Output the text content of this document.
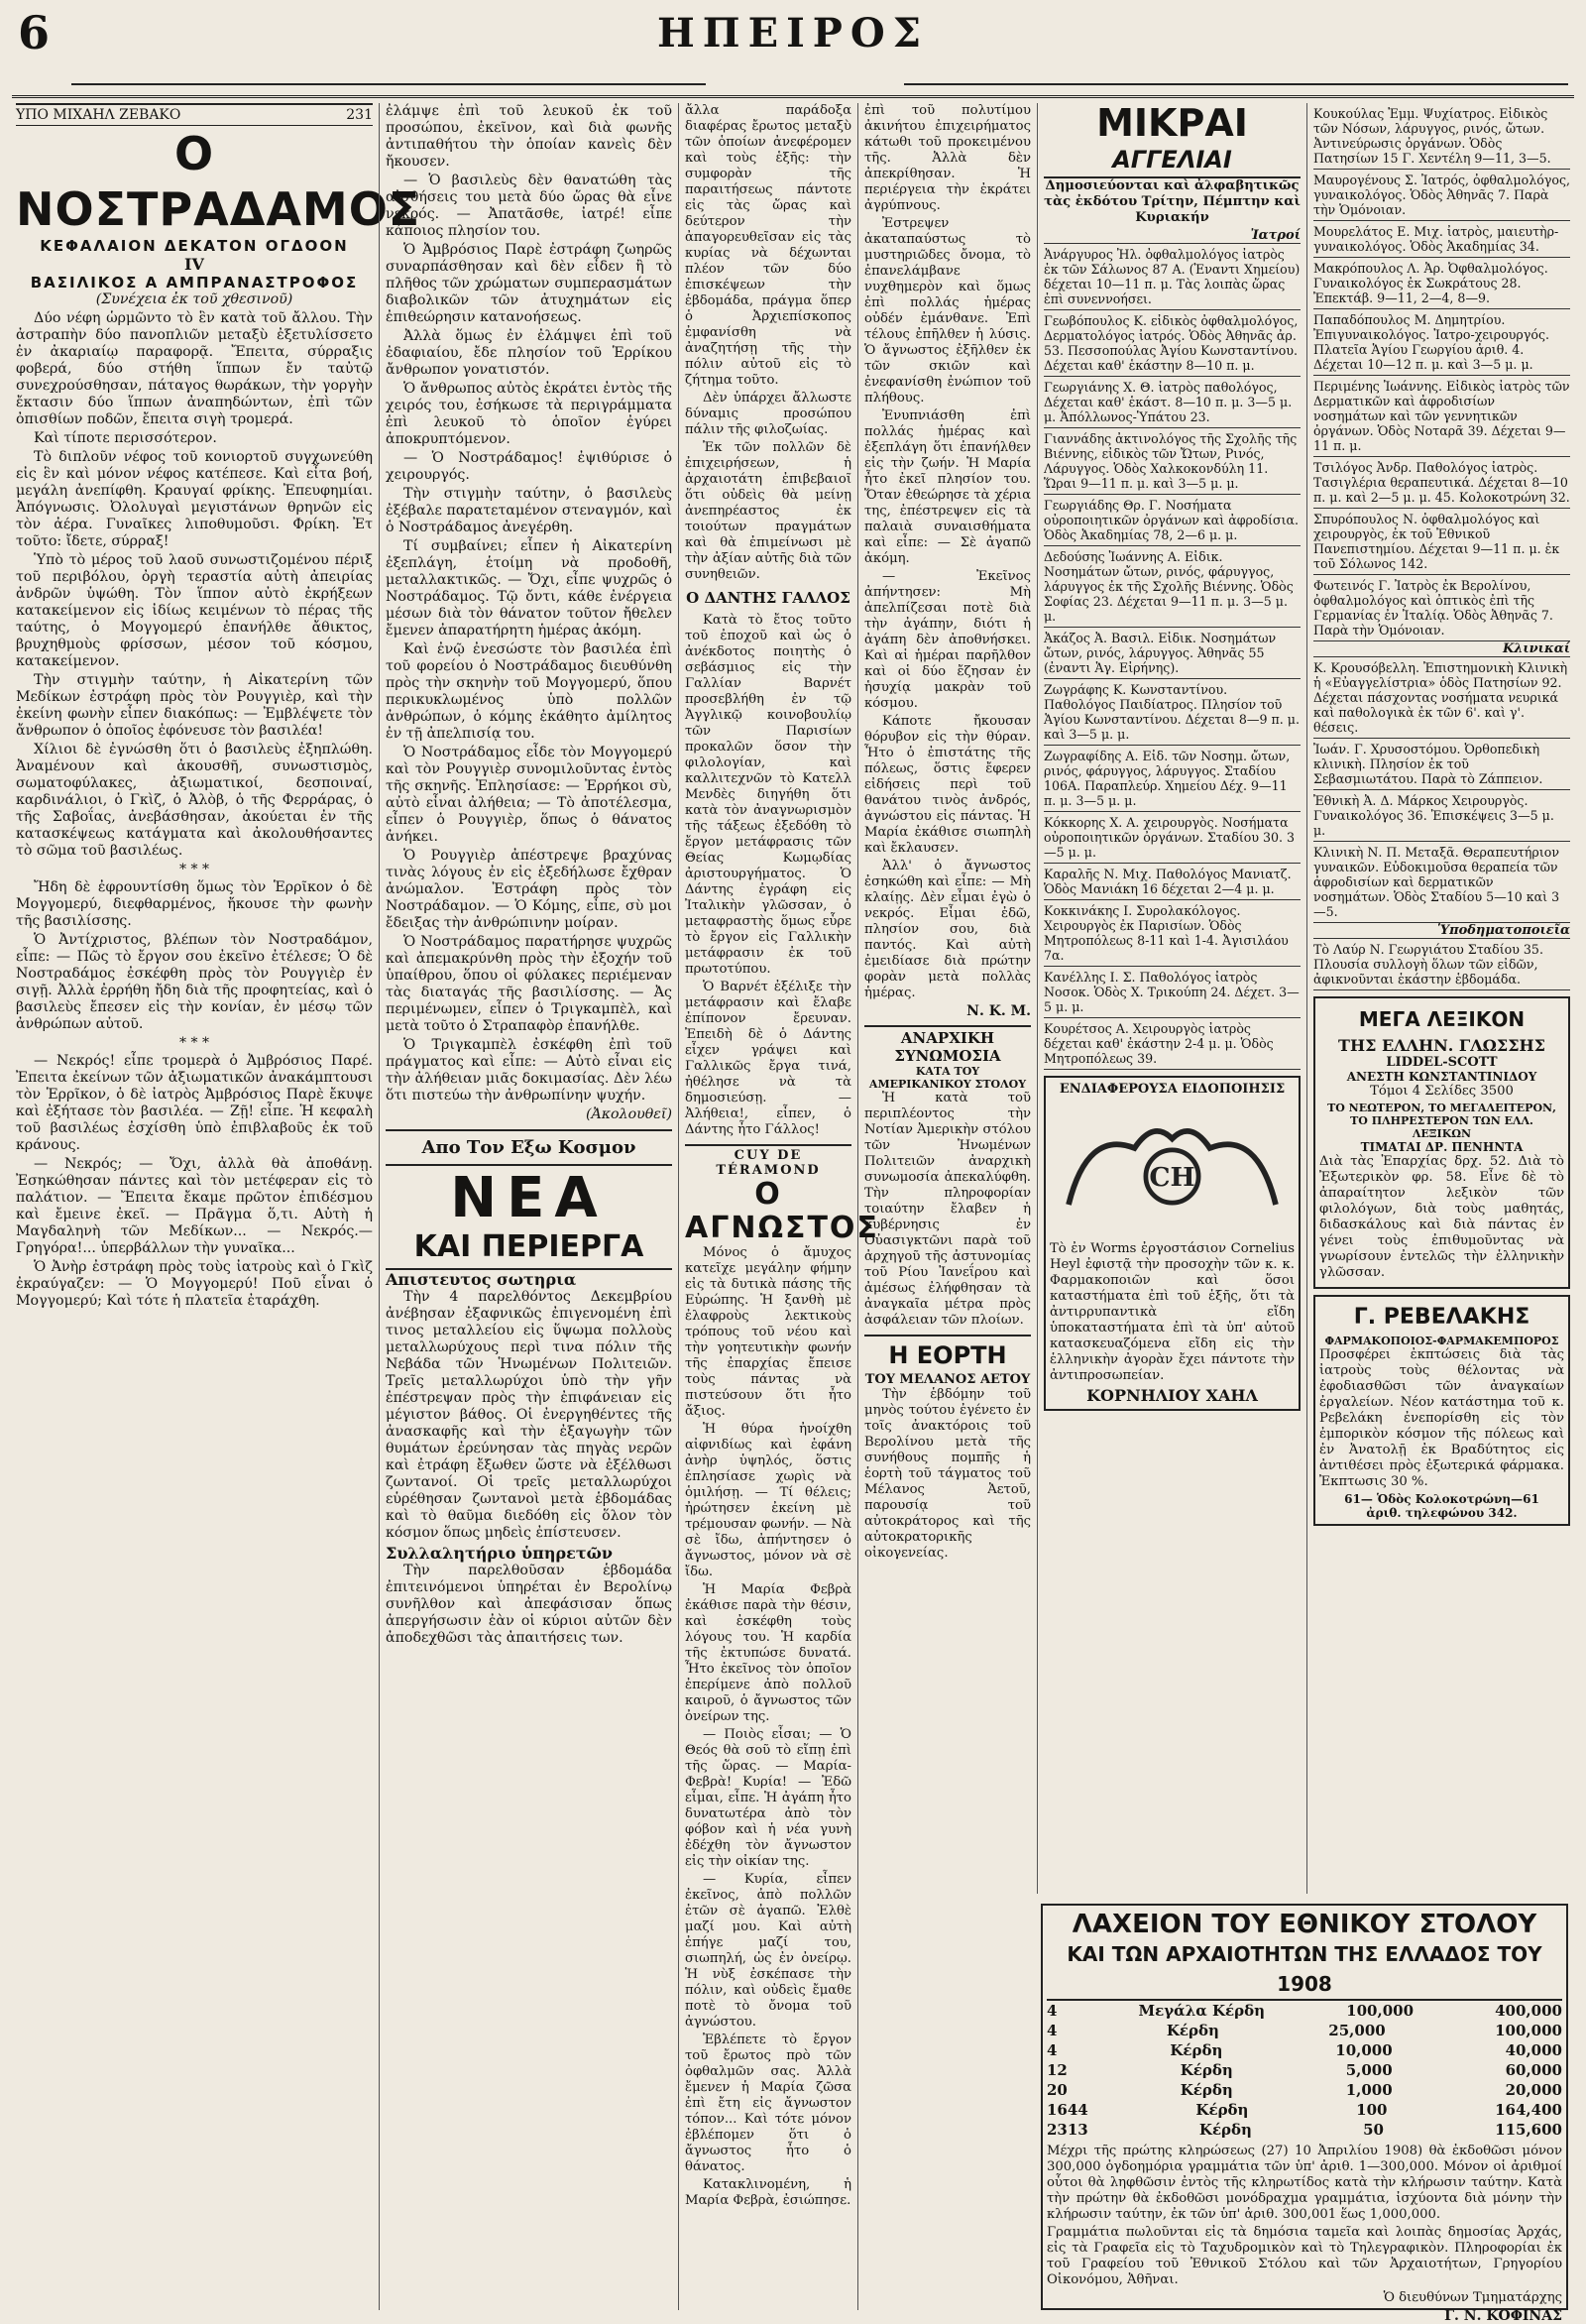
6	ΗΠΕΙΡΟΣ
ΥΠΟ ΜΙΧΑΗΛ ΖΕΒΑΚΟ	231
Ο ΝΟΣΤΡΑΔΑΜΟΣ
ΚΕΦΑΛΑΙΟΝ ΔΕΚΑΤΟΝ ΟΓΔΟΟΝ
IV
ΒΑΣΙΛΙΚΟΣ Α ΑΜΠΡΑΝΑΣΤΡΟΦΟΣ
(Συνέχεια ἐκ τοῦ χθεσινοῦ)

Δύο νέφη ὡρμῶντο τὸ ἓν κατὰ τοῦ ἄλλου. Τὴν ἀστραπὴν δύο πανοπλιῶν μεταξὺ ἐξετυλίσσετο ἐν ἀκαριαίῳ παραφορᾷ. Ἔπειτα, σύρραξις φοβερά, δύο στήθη ἵππων ἔν ταὐτῷ συνεχρούσθησαν, πάταγος θωράκων, τὴν γοργὴν ἔκτασιν δύο ἵππων ἀναπηδώντων, ἐπὶ τῶν ὀπισθίων ποδῶν, ἔπειτα σιγὴ τρομερά.

Καὶ τίποτε περισσότερον.

Τὸ διπλοῦν νέφος τοῦ κονιορτοῦ συγχωνεύθη εἰς ἓν καὶ μόνον νέφος κατέπεσε. Καὶ εἶτα βοή, μεγάλη ἀνεπίφθη. Κραυγαί φρίκης. Ἐπευφημίαι. Ἀπόγνωσις. Ὀλολυγαὶ μεγιστάνων θρηνῶν εἰς τὸν ἀέρα. Γυναῖκες λιποθυμοῦσι. Φρίκη. Ἐτ τοῦτο: ἴδετε, σύρραξ!

Ὑπὸ τὸ μέρος τοῦ λαοῦ συνωστιζομένου πέριξ τοῦ περιβόλου, ὀργὴ τεραστία αὐτὴ ἀπειρίας ἀνδρῶν ὑψώθη. Τὸν ἵππον αὐτὸ ἐκρήξεων κατακείμενον εἰς ἰδίως κειμένων τὸ πέρας τῆς ταύτης, ὁ Μογγομερύ ἐπανήλθε ἄθικτος, βρυχηθμοὺς φρίσσων, μέσον τοῦ κόσμου, κατακείμενον.

Τὴν στιγμὴν ταύτην, ἡ Αἰκατερίνη τῶν Μεδίκων ἐστράφη πρὸς τὸν Ρουγγιὲρ, καὶ τὴν ἐκείνη φωνὴν εἶπεν διακόπως: — Ἐμβλέψετε τὸν ἄνθρωπον ὁ ὁποῖος ἐφόνευσε τὸν βασιλέα!

Χίλιοι δὲ ἐγνώσθη ὅτι ὁ βασιλεὺς ἐξηπλώθη. Ἀναμένουν καὶ ἀκουσθῆ, συνωστισμὸς, σωματοφύλακες, ἀξιωματικοί, δεσποιναί, καρδινάλιοι, ὁ Γκὶζ, ὁ Ἀλὸβ, ὁ τῆς Φερράρας, ὁ τῆς Σαβοΐας, ἀνεβάσθησαν, ἀκούεται ἐν τῆς κατασκέψεως κατάγματα καὶ ἀκολουθήσαντες τὸ σῶμα τοῦ βασιλέως.

* * *

Ἤδη δὲ ἐφρουντίσθη ὅμως τὸν Ἑρρῖκον ὁ δὲ Μογγομερύ, διεφθαρμένος, ἤκουσε τὴν φωνὴν τῆς βασιλίσσης.

Ὁ Ἀντίχριστος, βλέπων τὸν Νοστραδάμον, εἶπε: — Πῶς τὸ ἔργον σου ἐκεῖνο ἐτέλεσε; Ὁ δὲ Νοστραδάμος ἐσκέφθη πρὸς τὸν Ρουγγιὲρ ἐν σιγῇ. Ἀλλὰ ἐρρήθη ἤδη διὰ τῆς προφητείας, καὶ ὁ βασιλεὺς ἔπεσεν εἰς τὴν κονίαν, ἐν μέσῳ τῶν ἀνθρώπων αὐτοῦ.

* * *

— Νεκρός! εἶπε τρομερὰ ὁ Ἀμβρόσιος Παρέ. Ἐπειτα ἐκείνων τῶν ἀξιωματικῶν ἀνακάμπτουσι τὸν Ἑρρῖκον, ὁ δὲ ἰατρὸς Ἀμβρόσιος Παρὲ ἔκυψε καὶ ἐξήτασε τὸν βασιλέα. — Ζῇ! εἶπε. Ἡ κεφαλὴ τοῦ βασιλέως ἐσχίσθη ὑπὸ ἐπιβλαβοῦς ἐκ τοῦ κράνους.

— Νεκρός; — Ὄχι, ἀλλὰ θὰ ἀποθάνῃ. Ἐσηκώθησαν πάντες καὶ τὸν μετέφεραν εἰς τὸ παλάτιον. — Ἔπειτα ἔκαμε πρῶτον ἐπιδέσμου καὶ ἔμεινε ἐκεῖ. — Πρᾶγμα ὅ,τι. Αὐτὴ ἡ Μαγδαληνὴ τῶν Μεδίκων... — Νεκρός.— Γρηγόρα!... ὑπερβάλλων τὴν γυναῖκα...

Ὁ Ἀνὴρ ἐστράφη πρὸς τοὺς ἰατροὺς καὶ ὁ Γκὶζ ἐκραύγαζεν: — Ὁ Μογγομερύ! Ποῦ εἶναι ὁ Μογγομερύ; Καὶ τότε ἡ πλατεῖα ἐταράχθη.

ἐλάμψε ἐπὶ τοῦ λευκοῦ ἐκ τοῦ προσώπου, ἐκεῖνον, καὶ διὰ φωνῆς ἀντιπαθήτου τὴν ὁποίαν κανεὶς δὲν ἤκουσεν.

— Ὁ βασιλεὺς δὲν θανατώθη τὰς αἰσθήσεις του μετὰ δύο ὥρας θὰ εἶνε νεκρός. — Ἀπατᾶσθε, ἰατρέ! εἶπε κάποιος πλησίον του.

Ὁ Ἀμβρόσιος Παρὲ ἐστράφη ζωηρῶς συναρπάσθησαν καὶ δὲν εἶδεν ἢ τὸ πλῆθος τῶν χρώματων συμπερασμάτων διαβολικῶν τῶν ἀτυχημάτων εἰς ἐπιθεώρησιν κατανοήσεως.

Ἀλλὰ ὅμως ἐν ἐλάμψει ἐπὶ τοῦ ἐδαφιαίου, ἔδε πλησίον τοῦ Ἑρρίκου ἄνθρωπον γονατιστόν.

Ὁ ἄνθρωπος αὐτὸς ἐκράτει ἐντὸς τῆς χειρός του, ἐσήκωσε τὰ περιγράμματα ἐπὶ λευκοῦ τὸ ὁποῖον ἐγύρει ἀποκρυπτόμενον.

— Ὁ Νοστράδαμος! ἐψιθύρισε ὁ χειρουργός.

Τὴν στιγμὴν ταύτην, ὁ βασιλεὺς ἐξέβαλε παρατεταμένον στεναγμόν, καὶ ὁ Νοστράδαμος ἀνεγέρθη.

Τί συμβαίνει; εἶπεν ἡ Αἰκατερίνη ἐξεπλάγη, ἑτοίμη νὰ προδοθῆ, μεταλλακτικῶς. — Ὄχι, εἶπε ψυχρῶς ὁ Νοστράδαμος. Τῷ ὄντι, κάθε ἐνέργεια μέσων διὰ τὸν θάνατον τοῦτον ἤθελεν ἔμενεν ἀπαρατήρητη ἡμέρας ἀκόμη.

Καὶ ἐνῷ ἐνεσώστε τὸν βασιλέα ἐπὶ τοῦ φορείου ὁ Νοστράδαμος διευθύνθη πρὸς τὴν σκηνὴν τοῦ Μογγομερύ, ὅπου περικυκλωμένος ὑπὸ πολλῶν ἀνθρώπων, ὁ κόμης ἐκάθητο ἀμίλητος ἐν τῇ ἀπελπισίᾳ του.

Ὁ Νοστράδαμος εἶδε τὸν Μογγομερύ καὶ τὸν Ρουγγιὲρ συνομιλοῦντας ἐντὸς τῆς σκηνῆς. Ἐπλησίασε: — Ἐρρήκοι σὺ, αὐτὸ εἶναι ἀλήθεια; — Τὸ ἀποτέλεσμα, εἶπεν ὁ Ρουγγιὲρ, ὅπως ὁ θάνατος ἀνήκει.

Ὁ Ρουγγιὲρ ἀπέστρεψε βραχύνας τινὰς λόγους ἐν εἰς ἐξεδήλωσε ἔχθραν ἀνώμαλον. Ἐστράφη πρὸς τὸν Νοστράδαμον. — Ὁ Κόμης, εἶπε, σὺ μοι ἔδειξας τὴν ἀνθρώπινην μοίραν.

Ὁ Νοστράδαμος παρατήρησε ψυχρῶς καὶ ἀπεμακρύνθη πρὸς τὴν ἐξοχήν τοῦ ὑπαίθρου, ὅπου οἱ φύλακες περιέμεναν τὰς διαταγάς τῆς βασιλίσσης. — Ἀς περιμένωμεν, εἶπεν ὁ Τριγκαμπὲλ, καὶ μετὰ τοῦτο ὁ Στραπαφὸρ ἐπανήλθε.

Ὁ Τριγκαμπὲλ ἐσκέφθη ἐπὶ τοῦ πράγματος καὶ εἶπε: — Αὐτὸ εἶναι εἰς τὴν ἀλήθειαν μιᾶς δοκιμασίας. Δὲν λέω ὅτι πιστεύω τὴν ἀνθρωπίνην ψυχήν.

(Ἀκολουθεῖ)
Απο Τον Εξω Κοσμον
ΝΕΑ
ΚΑΙ ΠΕΡΙΕΡΓΑ
Απιστευτος σωτηρια

Τὴν 4 παρελθόντος Δεκεμβρίου ἀνέβησαν ἐξαφνικῶς ἐπιγενομένη ἐπὶ τινος μεταλλείου εἰς ὕψωμα πολλοὺς μεταλλωρύχους περὶ τινα πόλιν τῆς Νεβάδα τῶν Ἡνωμένων Πολιτειῶν. Τρεῖς μεταλλωρύχοι ὑπὸ τὴν γῆν ἐπέστρεψαν πρὸς τὴν ἐπιφάνειαν εἰς μέγιστον βάθος. Οἱ ἐνεργηθέντες τῆς ἀνασκαφῆς καὶ τὴν ἐξαγωγὴν τῶν θυμάτων ἐρεύνησαν τὰς πηγὰς νερῶν καὶ ἐτράφη ἔξωθεν ὥστε νὰ ἐξέλθωσι ζωντανοί. Οἱ τρεῖς μεταλλωρύχοι εὑρέθησαν ζωντανοὶ μετὰ ἑβδομάδας καὶ τὸ θαῦμα διεδόθη εἰς ὅλον τὸν κόσμον ὅπως μηδεὶς ἐπίστευσεν.

Συλλαλητήριο ὑπηρετῶν

Τὴν παρελθοῦσαν ἑβδομάδα ἐπιτεινόμενοι ὑπηρέται ἐν Βερολίνῳ συνῆλθον καὶ ἀπεφάσισαν ὅπως ἀπεργήσωσιν ἐὰν οἱ κύριοι αὐτῶν δὲν ἀποδεχθῶσι τὰς ἀπαιτήσεις των.

ἄλλα παράδοξα διαφέρας ἔρωτος μεταξὺ τῶν ὁποίων ἀνεφέρομεν καὶ τοὺς ἑξῆς: τὴν συμφορὰν τῆς παραιτήσεως πάντοτε εἰς τὰς ὥρας καὶ δεύτερον τὴν ἀπαγορευθεῖσαν εἰς τὰς κυρίας νὰ δέχωνται πλέον τῶν δύο ἐπισκέψεων τὴν ἑβδομάδα, πράγμα ὅπερ ὁ Ἀρχιεπίσκοπος ἐμφανίσθη νὰ ἀναζητήσῃ τῆς τὴν πόλιν αὐτοῦ εἰς τὸ ζήτημα τοῦτο.

Δὲν ὑπάρχει ἄλλωστε δύναμις προσώπου πάλιν τῆς φιλοζωίας.

Ἐκ τῶν πολλῶν δὲ ἐπιχειρήσεων, ἡ ἀρχαιοτάτη ἐπιβεβαιοῖ ὅτι οὐδεὶς θὰ μείνῃ ἀνεπηρέαστος ἐκ τοιούτων πραγμάτων καὶ θὰ ἐπιμείνωσι μὲ τὴν ἀξίαν αὐτῆς διὰ τῶν συνηθειῶν.

Ο ΔΑΝΤΗΣ ΓΑΛΛΟΣ

Κατὰ τὸ ἔτος τοῦτο τοῦ ἐποχοῦ καὶ ὡς ὁ ἀνέκδοτος ποιητὴς ὁ σεβάσμιος εἰς τὴν Γαλλίαν Βαρνέτ προσεβλήθη ἐν τῷ Ἀγγλικῷ κοινοβουλίῳ τῶν Παρισίων προκαλῶν ὅσον τὴν φιλολογίαν, καὶ καλλιτεχνῶν τὸ Κατελλ Μενδὲς διηγήθη ὅτι κατὰ τὸν ἀναγνωρισμὸν τῆς τάξεως ἐξεδόθη τὸ ἔργον μετάφρασις τῶν Θείας Κωμῳδίας ἀριστουργήματος. Ὁ Δάντης ἐγράφη εἰς Ἰταλικὴν γλῶσσαν, ὁ μεταφραστὴς ὅμως εὗρε τὸ ἔργον εἰς Γαλλικὴν μετάφρασιν ἐκ τοῦ πρωτοτύπου.

Ὁ Βαρνέτ ἐξέλιξε τὴν μετάφρασιν καὶ ἔλαβε ἐπίπονον ἔρευναν. Ἐπειδὴ δὲ ὁ Δάντης εἶχεν γράψει καὶ Γαλλικῶς ἔργα τινά, ἠθέλησε νὰ τὰ δημοσιεύσῃ. — Ἀλήθεια!, εἶπεν, ὁ Δάντης ἦτο Γάλλος!

CUY DE TÉRAMOND
Ο ΑΓΝΩΣΤΟΣ

Μόνος ὁ ἄμυχος κατεῖχε μεγάλην φήμην εἰς τὰ δυτικὰ πάσης τῆς Εὐρώπης. Ἡ ξανθὴ μὲ ἐλαφροὺς λεκτικοὺς τρόπους τοῦ νέου καὶ τὴν γοητευτικὴν φωνήν τῆς ἐπαρχίας ἔπεισε τοὺς πάντας νὰ πιστεύσουν ὅτι ἦτο ἄξιος.

Ἡ θύρα ἠνοίχθη αἰφνιδίως καὶ ἐφάνη ἀνὴρ ὑψηλός, ὅστις ἐπλησίασε χωρὶς νὰ ὁμιλήσῃ. — Τί θέλεις; ἠρώτησεν ἐκείνη μὲ τρέμουσαν φωνήν. — Νὰ σὲ ἴδω, ἀπήντησεν ὁ ἄγνωστος, μόνον νὰ σὲ ἴδω.

Ἡ Μαρία Φεβρὰ ἐκάθισε παρὰ τὴν θέσιν, καὶ ἐσκέφθη τοὺς λόγους του. Ἡ καρδία τῆς ἐκτυπώσε δυνατά. Ἦτο ἐκεῖνος τὸν ὁποῖον ἐπερίμενε ἀπὸ πολλοῦ καιροῦ, ὁ ἄγνωστος τῶν ὀνείρων της.

— Ποιὸς εἶσαι; — Ὁ Θεός θὰ σοῦ τὸ εἴπῃ ἐπὶ τῆς ὥρας. — Μαρία-Φεβρὰ! Κυρία! — Ἐδῶ εἶμαι, εἶπε. Ἡ ἀγάπη ἦτο δυνατωτέρα ἀπὸ τὸν φόβον καὶ ἡ νέα γυνὴ ἐδέχθη τὸν ἄγνωστον εἰς τὴν οἰκίαν της.

— Κυρία, εἶπεν ἐκεῖνος, ἀπὸ πολλῶν ἐτῶν σὲ ἀγαπῶ. Ἐλθὲ μαζί μου. Καὶ αὐτὴ ἐπήγε μαζί του, σιωπηλή, ὡς ἐν ὀνείρῳ. Ἡ νὺξ ἐσκέπασε τὴν πόλιν, καὶ οὐδεὶς ἔμαθε ποτὲ τὸ ὄνομα τοῦ ἀγνώστου.

Ἐβλέπετε τὸ ἔργον τοῦ ἔρωτος πρὸ τῶν ὀφθαλμῶν σας. Ἀλλὰ ἔμενεν ἡ Μαρία ζῶσα ἐπὶ ἔτη εἰς ἄγνωστον τόπον... Καὶ τότε μόνον ἐβλέπομεν ὅτι ὁ ἄγνωστος ἦτο ὁ θάνατος.

Κατακλινομένη, ἡ Μαρία Φεβρὰ, ἐσιώπησε.

ἐπὶ τοῦ πολυτίμου ἀκινήτου ἐπιχειρήματος κάτωθι τοῦ προκειμένου τῆς. Ἀλλὰ δὲν ἀπεκρίθησαν. Ἡ περιέργεια τὴν ἐκράτει ἀγρύπνους.

Ἐστρεψεν ἀκαταπαύστως τὸ μυστηριῶδες ὄνομα, τὸ ἐπανελάμβανε νυχθημερὸν καὶ ὅμως ἐπὶ πολλάς ἡμέρας οὐδέν ἐμάνθανε. Ἐπὶ τέλους ἐπῆλθεν ἡ λύσις. Ὁ ἄγνωστος ἐξῆλθεν ἐκ τῶν σκιῶν καὶ ἐνεφανίσθη ἐνώπιον τοῦ πλήθους.

Ἐνυπνιάσθη ἐπὶ πολλάς ἡμέρας καὶ ἐξεπλάγη ὅτι ἐπανήλθεν εἰς τὴν ζωήν. Ἡ Μαρία ἦτο ἐκεῖ πλησίον του. Ὅταν ἐθεώρησε τὰ χέρια της, ἐπέστρεψεν εἰς τὰ παλαιὰ συναισθήματα καὶ εἶπε: — Σὲ ἀγαπῶ ἀκόμη.

— Ἐκεῖνος ἀπήντησεν: Μὴ ἀπελπίζεσαι ποτὲ διὰ τὴν ἀγάπην, διότι ἡ ἀγάπη δὲν ἀποθνήσκει. Καὶ αἱ ἡμέραι παρῆλθον καὶ οἱ δύο ἔζησαν ἐν ἡσυχίᾳ μακρὰν τοῦ κόσμου.

Κάποτε ἤκουσαν θόρυβον εἰς τὴν θύραν. Ἦτο ὁ ἐπιστάτης τῆς πόλεως, ὅστις ἔφερεν εἰδήσεις περὶ τοῦ θανάτου τινὸς ἀνδρός, ἀγνώστου εἰς πάντας. Ἡ Μαρία ἐκάθισε σιωπηλὴ καὶ ἔκλαυσεν.

Ἀλλ' ὁ ἄγνωστος ἐσηκώθη καὶ εἶπε: — Μὴ κλαίῃς. Δὲν εἶμαι ἐγὼ ὁ νεκρός. Εἶμαι ἐδῶ, πλησίον σου, διὰ παντός. Καὶ αὐτὴ ἐμειδίασε διὰ πρώτην φορὰν μετὰ πολλὰς ἡμέρας.

Ν. Κ. Μ.
ΑΝΑΡΧΙΚΗ ΣΥΝΩΜΟΣΙΑ
ΚΑΤΑ ΤΟΥ ΑΜΕΡΙΚΑΝΙΚΟΥ ΣΤΟΛΟΥ

Ἡ κατὰ τοῦ περιπλέοντος τὴν Νοτίαν Ἀμερικὴν στόλου τῶν Ἡνωμένων Πολιτειῶν ἀναρχικὴ συνωμοσία ἀπεκαλύφθη. Τὴν πληροφορίαν τοιαύτην ἔλαβεν ἡ κυβέρνησις ἐν Οὐασιγκτῶνι παρὰ τοῦ ἀρχηγοῦ τῆς ἀστυνομίας τοῦ Ρίου Ἰανεΐρου καὶ ἀμέσως ἐλήφθησαν τὰ ἀναγκαῖα μέτρα πρὸς ἀσφάλειαν τῶν πλοίων.

Η ΕΟΡΤΗ
ΤΟΥ ΜΕΛΑΝΟΣ ΑΕΤΟΥ

Τὴν ἑβδόμην τοῦ μηνὸς τούτου ἐγένετο ἐν τοῖς ἀνακτόροις τοῦ Βερολίνου μετὰ τῆς συνήθους πομπῆς ἡ ἑορτὴ τοῦ τάγματος τοῦ Μέλανος Ἀετοῦ, παρουσίᾳ τοῦ αὐτοκράτορος καὶ τῆς αὐτοκρατορικῆς οἰκογενείας.

ΜΙΚΡΑΙ
ΑΓΓΕΛΙΑΙ
Δημοσιεύονται καὶ ἀλφαβητικῶς τὰς ἐκδότου Τρίτην, Πέμπτην καὶ Κυριακήν
Ἰατροί
Ἀνάργυρος Ἠλ. ὀφθαλμολόγος ἰατρὸς ἐκ τῶν Σάλωνος 87 Α. (Ἐναντι Χημείου) δέχεται 10—11 π. μ. Τὰς λοιπὰς ὥρας ἐπὶ συνεννοήσει.
Γεωβόπουλος Κ. εἰδικὸς ὀφθαλμολόγος, Δερματολόγος ἰατρός. Ὁδὸς Ἀθηνᾶς ἀρ. 53. Πεσσοπούλας Ἀγίου Κωνσταντίνου. Δέχεται καθ' ἑκάστην 8—10 π. μ.
Γεωργιάνης Χ. Θ. ἰατρὸς παθολόγος, Δέχεται καθ' ἑκάστ. 8—10 π. μ. 3—5 μ. μ. Ἀπόλλωνος-Ὑπάτου 23.
Γιαννάδης ἀκτινολόγος τῆς Σχολῆς τῆς Βιέννης, εἰδικὸς τῶν Ὤτων, Ρινός, Λάρυγγος. Ὁδὸς Χαλκοκονδύλη 11. Ὥραι 9—11 π. μ. καὶ 3—5 μ. μ.
Γεωργιάδης Θρ. Γ. Νοσήματα οὐροποιητικῶν ὀργάνων καὶ ἀφροδίσια. Ὁδὸς Ἀκαδημίας 78, 2—6 μ. μ.
Δεδούσης Ἰωάννης Α. Εἰδικ. Νοσημάτων ὤτων, ρινός, φάρυγγος, λάρυγγος ἐκ τῆς Σχολῆς Βιέννης. Ὁδὸς Σοφίας 23. Δέχεται 9—11 π. μ. 3—5 μ. μ.
Ἀκάζος Ἀ. Βασιλ. Εἰδικ. Νοσημάτων ὤτων, ρινός, λάρυγγος. Ἀθηνᾶς 55 (ἐναντι Ἁγ. Εἰρήνης).
Ζωγράφης Κ. Κωνσταντίνου. Παθολόγος Παιδίατρος. Πλησίον τοῦ Ἁγίου Κωνσταντίνου. Δέχεται 8—9 π. μ. καὶ 3—5 μ. μ.
Ζωγραφίδης Α. Εἰδ. τῶν Νοσημ. ὤτων, ρινός, φάρυγγος, λάρυγγος. Σταδίου 106Α. Παραπλεύρ. Χημείου Δέχ. 9—11 π. μ. 3—5 μ. μ.
Κόκκορης Χ. Α. χειρουργὸς. Νοσήματα οὐροποιητικῶν ὀργάνων. Σταδίου 30. 3—5 μ. μ.
Καραλῆς Ν. Μιχ. Παθολόγος Μανιατζ. Ὁδὸς Μανιάκη 16 δέχεται 2—4 μ. μ.
Κοκκινάκης Ι. Συρολακόλογος. Χειρουργὸς ἐκ Παρισίων. Ὁδὸς Μητροπόλεως 8-11 καὶ 1-4. Ἀγισιλάου 7α.
Κανέλλης Ι. Σ. Παθολόγος ἰατρὸς Νοσοκ. Ὁδὸς Χ. Τρικούπη 24. Δέχετ. 3—5 μ. μ.
Κουρέτσος Α. Χειρουργὸς ἰατρὸς δέχεται καθ' ἑκάστην 2-4 μ. μ. Ὁδὸς Μητροπόλεως 39.
ΕΝΔΙΑΦΕΡΟΥΣΑ ΕΙΔΟΠΟΙΗΣΙΣ
CH

Τὸ ἐν Worms ἐργοστάσιον Cornelius Heyl ἐφιστᾷ τὴν προσοχὴν τῶν κ. κ. Φαρμακοποιῶν καὶ ὅσοι καταστήματα ἐπὶ τοῦ ἑξῆς, ὅτι τὰ ἀντιρρυπαντικὰ εἴδη ὑποκαταστήματα ἐπὶ τὰ ὑπ' αὐτοῦ κατασκευαζόμενα εἴδη εἰς τὴν ἑλληνικὴν ἀγορὰν ἔχει πάντοτε τὴν ἀντιπροσωπείαν.

ΚΟΡΝΗΛΙΟΥ ΧΑΗΛ
Κουκούλας Ἐμμ. Ψυχίατρος. Εἰδικὸς τῶν Νόσων, λάρυγγος, ρινός, ὤτων. Ἀντινεύρωσις ὀργάνων. Ὁδὸς Πατησίων 15 Γ. Χεντέλη 9—11, 3—5.
Μαυρογένους Σ. Ἰατρός, ὀφθαλμολόγος, γυναικολόγος. Ὁδὸς Ἀθηνᾶς 7. Παρὰ τὴν Ὁμόνοιαν.
Μουρελάτος Ε. Μιχ. ἰατρὸς, μαιευτὴρ-γυναικολόγος. Ὁδὸς Ἀκαδημίας 34.
Μακρόπουλος Λ. Ἀρ. Ὀφθαλμολόγος. Γυναικολόγος ἐκ Σωκράτους 28. Ἐπεκτάβ. 9—11, 2—4, 8—9.
Παπαδόπουλος Μ. Δημητρίου. Ἐπιγυναικολόγος. Ἰατρο-χειρουργός. Πλατεῖα Ἁγίου Γεωργίου ἀριθ. 4. Δέχεται 10—12 π. μ. καὶ 3—5 μ. μ.
Περιμένης Ἰωάννης. Εἰδικὸς ἰατρὸς τῶν Δερματικῶν καὶ ἀφροδισίων νοσημάτων καὶ τῶν γεννητικῶν ὀργάνων. Ὁδὸς Νοταρᾶ 39. Δέχεται 9—11 π. μ.
Τσιλόγος Ἀνδρ. Παθολόγος ἰατρὸς. Τασιγλέρια θεραπευτικά. Δέχεται 8—10 π. μ. καὶ 2—5 μ. μ. 45. Κολοκοτρώνη 32.
Σπυρόπουλος Ν. ὀφθαλμολόγος καὶ χειρουργὸς, ἐκ τοῦ Ἐθνικοῦ Πανεπιστημίου. Δέχεται 9—11 π. μ. ἐκ τοῦ Σόλωνος 142.
Φωτεινός Γ. Ἰατρὸς ἐκ Βερολίνου, ὀφθαλμολόγος καὶ ὀπτικὸς ἐπὶ τῆς Γερμανίας ἐν Ἰταλίᾳ. Ὁδὸς Ἀθηνᾶς 7. Παρὰ τὴν Ὁμόνοιαν.
Κλινικαί
Κ. Κρουσόβελλη. Ἐπιστημονικὴ Κλινικὴ ἡ «Εὐαγγελίστρια» ὁδὸς Πατησίων 92. Δέχεται πάσχοντας νοσήματα νευρικά καὶ παθολογικὰ ἐκ τῶν 6'. καὶ γ'. θέσεις.
Ἰωάν. Γ. Χρυσοστόμου. Ὀρθοπεδικὴ κλινικὴ. Πλησίον ἐκ τοῦ Σεβασμιωτάτου. Παρὰ τὸ Ζάππειον.
Ἐθνικὴ Ἀ. Δ. Μάρκος Χειρουργὸς. Γυναικολόγος 36. Ἐπισκέψεις 3—5 μ. μ.
Κλινικὴ Ν. Π. Μεταξᾶ. Θεραπευτήριον γυναικῶν. Εὐδοκιμοῦσα θεραπεία τῶν ἀφροδισίων καὶ δερματικῶν νοσημάτων. Ὁδὸς Σταδίου 5—10 καὶ 3—5.
Ὑποδηματοποιεῖα
Τὸ Λαύρ Ν. Γεωργιάτου Σταδίου 35. Πλουσία συλλογὴ ὅλων τῶν εἰδῶν, ἀφικνοῦνται ἑκάστην ἑβδομάδα.
ΜΕΓΑ ΛΕΞΙΚΟΝ
ΤΗΣ ΕΛΛΗΝ. ΓΛΩΣΣΗΣ
LIDDEL-SCOTT
ΑΝΕΣΤΗ ΚΩΝΣΤΑΝΤΙΝΙΔΟΥ
Τόμοι 4 Σελίδες 3500
ΤΟ ΝΕΩΤΕΡΟΝ, ΤΟ ΜΕΓΑΛΕΙΤΕΡΟΝ, ΤΟ ΠΛΗΡΕΣΤΕΡΟΝ ΤΩΝ ΕΛΛ. ΛΕΞΙΚΩΝ
ΤΙΜΑΤΑΙ ΔΡ. ΠΕΝΗΝΤΑ

Διὰ τὰς Ἐπαρχίας δρχ. 52. Διὰ τὸ Ἐξωτερικὸν φρ. 58. Εἶνε δὲ τὸ ἀπαραίτητον λεξικὸν τῶν φιλολόγων, διὰ τοὺς μαθητάς, διδασκάλους καὶ διὰ πάντας ἐν γένει τοὺς ἐπιθυμοῦντας νὰ γνωρίσουν ἐντελῶς τὴν ἑλληνικὴν γλῶσσαν.

Γ. ΡΕΒΕΛΑΚΗΣ
ΦΑΡΜΑΚΟΠΟΙΟΣ-ΦΑΡΜΑΚΕΜΠΟΡΟΣ

Προσφέρει ἐκπτώσεις διὰ τὰς ἰατροὺς τοὺς θέλοντας νὰ ἐφοδιασθῶσι τῶν ἀναγκαίων ἐργαλείων. Νέον κατάστημα τοῦ κ. Ρεβελάκη ἐνεπορίσθη εἰς τὸν ἐμπορικὸν κόσμον τῆς πόλεως καὶ ἐν Ἀνατολῇ ἐκ Βραδύτητος εἰς ἀντιθέσει πρὸς ἐξωτερικά φάρμακα. Ἐκπτωσις 30 %.

61— Ὁδὸς Κολοκοτρώνη—61
ἀριθ. τηλεφώνου 342.
ΛΑΧΕΙΟΝ ΤΟΥ ΕΘΝΙΚΟΥ ΣΤΟΛΟΥ
ΚΑΙ ΤΩΝ ΑΡΧΑΙΟΤΗΤΩΝ ΤΗΣ ΕΛΛΑΔΟΣ ΤΟΥ 1908
4	Μεγάλα Κέρδη	100,000	400,000
4	Κέρδη	25,000	100,000
4	Κέρδη	10,000	40,000
12	Κέρδη	5,000	60,000
20	Κέρδη	1,000	20,000
1644	Κέρδη	100	164,400
2313	Κέρδη	50	115,600

Μέχρι τῆς πρώτης κληρώσεως (27) 10 Ἀπριλίου 1908) θὰ ἐκδοθῶσι μόνον 300,000 ὀγδοημόρια γραμμάτια τῶν ὑπ' ἀριθ. 1—300,000. Μόνον οἱ ἀριθμοί οὗτοι θὰ ληφθῶσιν ἐντὸς τῆς κληρωτίδος κατὰ τὴν κλήρωσιν ταύτην. Κατὰ τὴν πρώτην θὰ ἐκδοθῶσι μονόδραχμα γραμμάτια, ἰσχύοντα διὰ μόνην τὴν κλήρωσιν ταύτην, ἐκ τῶν ὑπ' ἀριθ. 300,001 ἕως 1,000,000.

Γραμμάτια πωλοῦνται εἰς τὰ δημόσια ταμεῖα καὶ λοιπὰς δημοσίας Ἀρχάς, εἰς τὰ Γραφεῖα εἰς τὸ Ταχυδρομικὸν καὶ τὸ Τηλεγραφικὸν. Πληροφορίαι ἐκ τοῦ Γραφείου τοῦ Ἐθνικοῦ Στόλου καὶ τῶν Ἀρχαιοτήτων, Γρηγορίου Οἰκονόμου, Ἀθῆναι.

Ὁ διευθύνων Τμηματάρχης
Γ. Ν. ΚΟΦΙΝΑΣ
